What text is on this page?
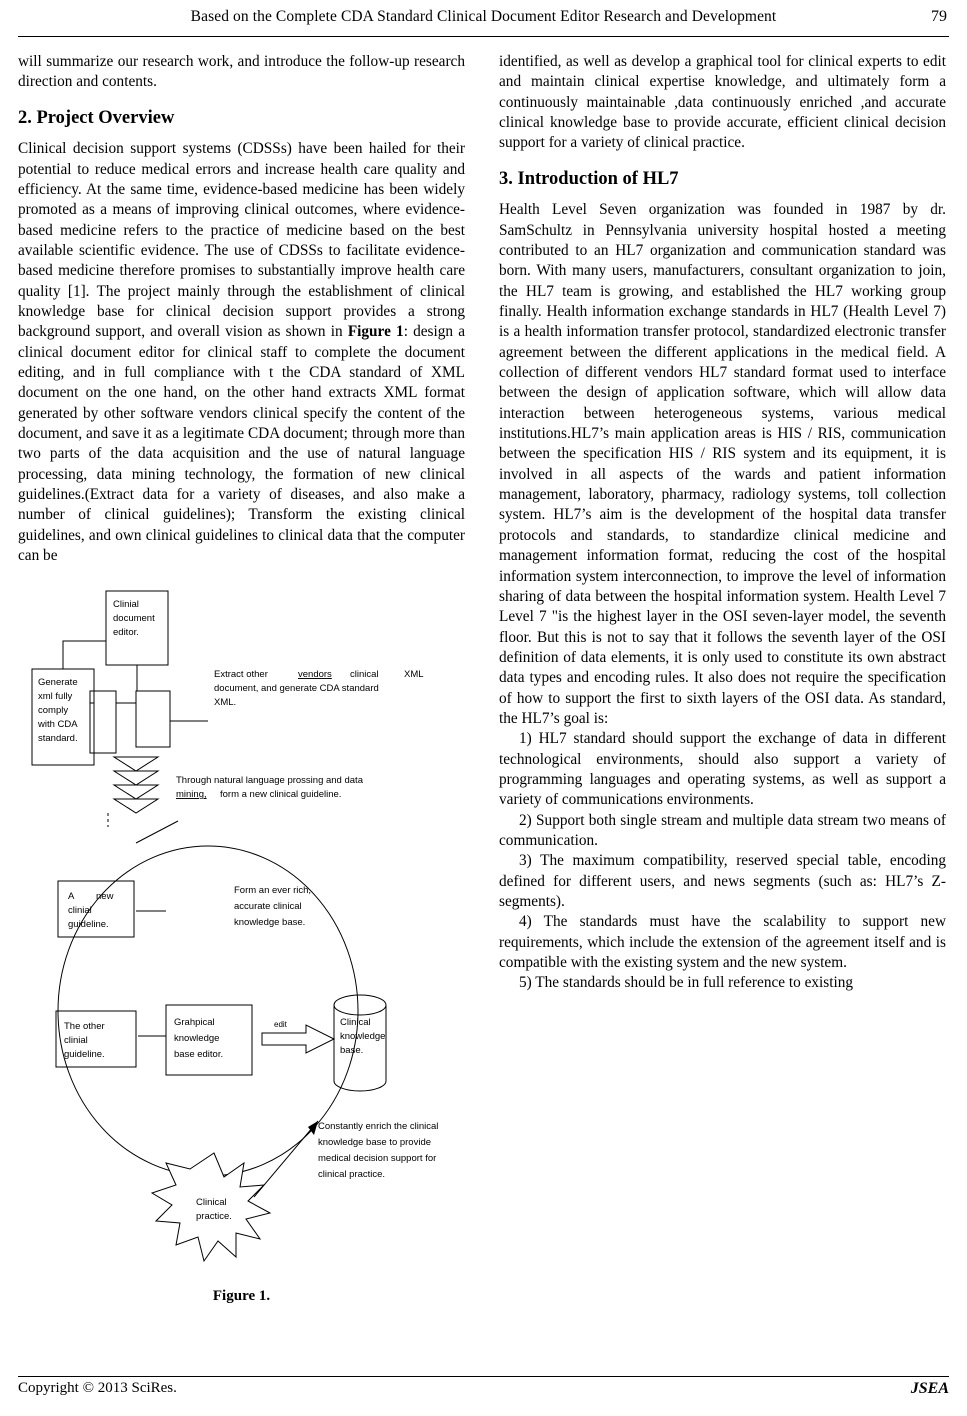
Based on the Complete CDA Standard Clinical Document Editor Research and Development	79

will summarize our research work, and introduce the follow-up research direction and contents.

2. Project Overview

Clinical decision support systems (CDSSs) have been hailed for their potential to reduce medical errors and increase health care quality and efficiency. At the same time, evidence-based medicine has been widely promoted as a means of improving clinical outcomes, where evidence-based medicine refers to the practice of medicine based on the best available scientific evidence. The use of CDSSs to facilitate evidence-based medicine therefore promises to substantially improve health care quality [1]. The project mainly through the establishment of clinical knowledge base for clinical decision support provides a strong background support, and overall vision as shown in Figure 1: design a clinical document editor for clinical staff to complete the document editing, and in full compliance with t the CDA standard of XML document on the one hand, on the other hand extracts XML format generated by other software vendors clinical specify the content of the document, and save it as a legitimate CDA document; through more than two parts of the data acquisition and the use of natural language processing, data mining technology, the formation of new clinical guidelines.(Extract data for a variety of diseases, and also make a number of clinical guidelines); Transform the existing clinical guidelines, and own clinical guidelines to clinical data that the computer can be

Clinial
document
editor.
Generate
xml fully
comply
with CDA
standard.
Extract other	vendors clinical	XML
document, and generate CDA standard
XML.
Through natural language prossing and data
mining, form a new clinical guideline.
A new
clinial
guideline.
Form an ever rich,
accurate clinical
knowledge base.
The other
clinial
guideline.
Grahpical
knowledge
base editor.
edit	Clinical
knowledge
base.
Constantly enrich the clinical
knowledge base to provide
medical decision support for
clinical practice.
Clinical
practice.
Figure 1.

identified, as well as develop a graphical tool for clinical experts to edit and maintain clinical expertise knowledge, and ultimately form a continuously maintainable ,data continuously enriched ,and accurate clinical knowledge base to provide accurate, efficient clinical decision support for a variety of clinical practice.

3. Introduction of HL7

Health Level Seven organization was founded in 1987 by dr. SamSchultz in Pennsylvania university hospital hosted a meeting contributed to an HL7 organization and communication standard was born. With many users, manufacturers, consultant organization to join, the HL7 team is growing, and established the HL7 working group finally. Health information exchange standards in HL7 (Health Level 7) is a health information transfer protocol, standardized electronic transfer agreement between the different applications in the medical field. A collection of different vendors HL7 standard format used to interface between the design of application software, which will allow data interaction between heterogeneous systems, various medical institutions.HL7’s main application areas is HIS / RIS, communication between the specification HIS / RIS system and its equipment, it is involved in all aspects of the wards and patient information management, laboratory, pharmacy, radiology systems, toll collection system. HL7’s aim is the development of the hospital data transfer protocols and standards, to standardize clinical medicine and management information format, reducing the cost of the hospital information system interconnection, to improve the level of information sharing of data between the hospital information system. Health Level 7 Level 7 "is the highest layer in the OSI seven-layer model, the seventh floor. But this is not to say that it follows the seventh layer of the OSI definition of data elements, it is only used to constitute its own abstract data types and encoding rules. It also does not require the specification of how to support the first to sixth layers of the OSI data. As standard, the HL7’s goal is:

1) HL7 standard should support the exchange of data in different technological environments, should also support a variety of programming languages and operating systems, as well as support a variety of communications environments.

2) Support both single stream and multiple data stream two means of communication.

3) The maximum compatibility, reserved special table, encoding defined for different users, and news segments (such as: HL7’s Z-segments).

4) The standards must have the scalability to support new requirements, which include the extension of the agreement itself and is compatible with the existing system and the new system.

5) The standards should be in full reference to existing

Copyright © 2013 SciRes.	JSEA
